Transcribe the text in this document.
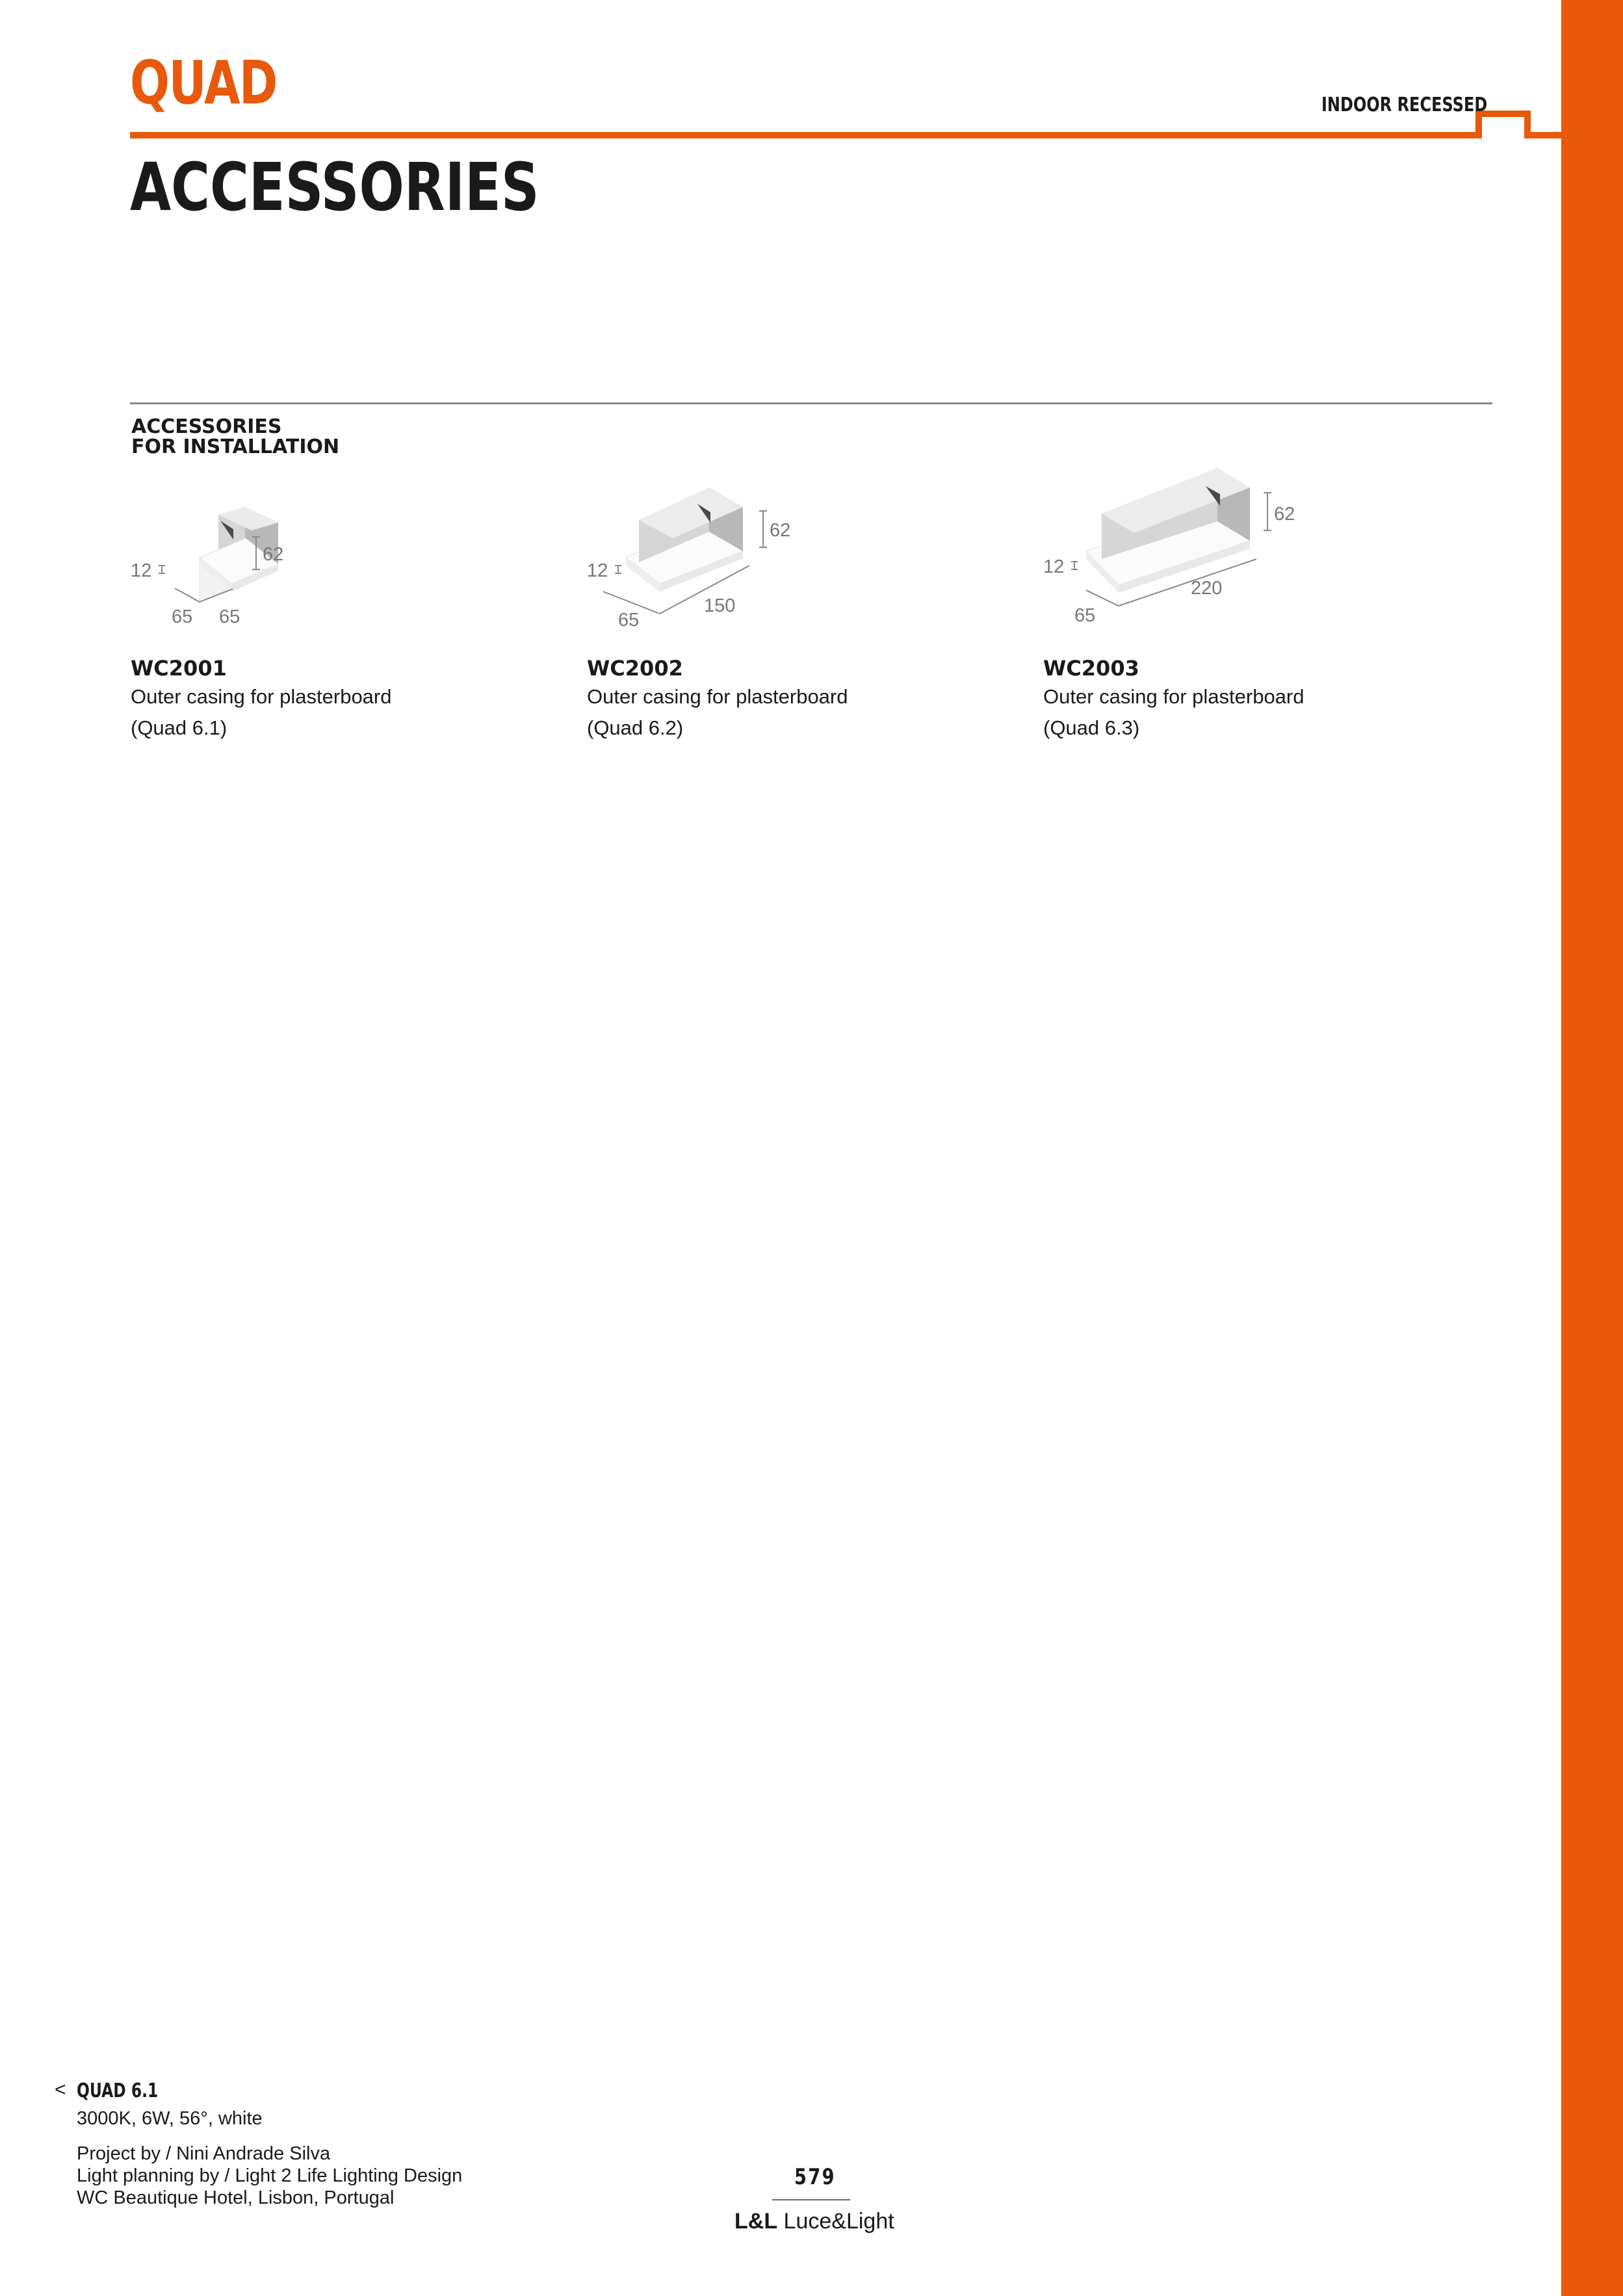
QUAD	INDOOR RECESSED
ACCESSORIES
ACCESSORIES
FOR INSTALLATION
62
12
65 65
WC2001
Outer casing for plasterboard
(Quad 6.1)
62
12
65
150
WC2002
Outer casing for plasterboard
(Quad 6.2)
62
12
65
220
WC2003
Outer casing for plasterboard
(Quad 6.3)
< QUAD 6.1
3000K, 6W, 56°, white
Project by / Nini Andrade Silva
Light planning by / Light 2 Life Lighting Design
WC Beautique Hotel, Lisbon, Portugal
579
L&L Luce&Light
